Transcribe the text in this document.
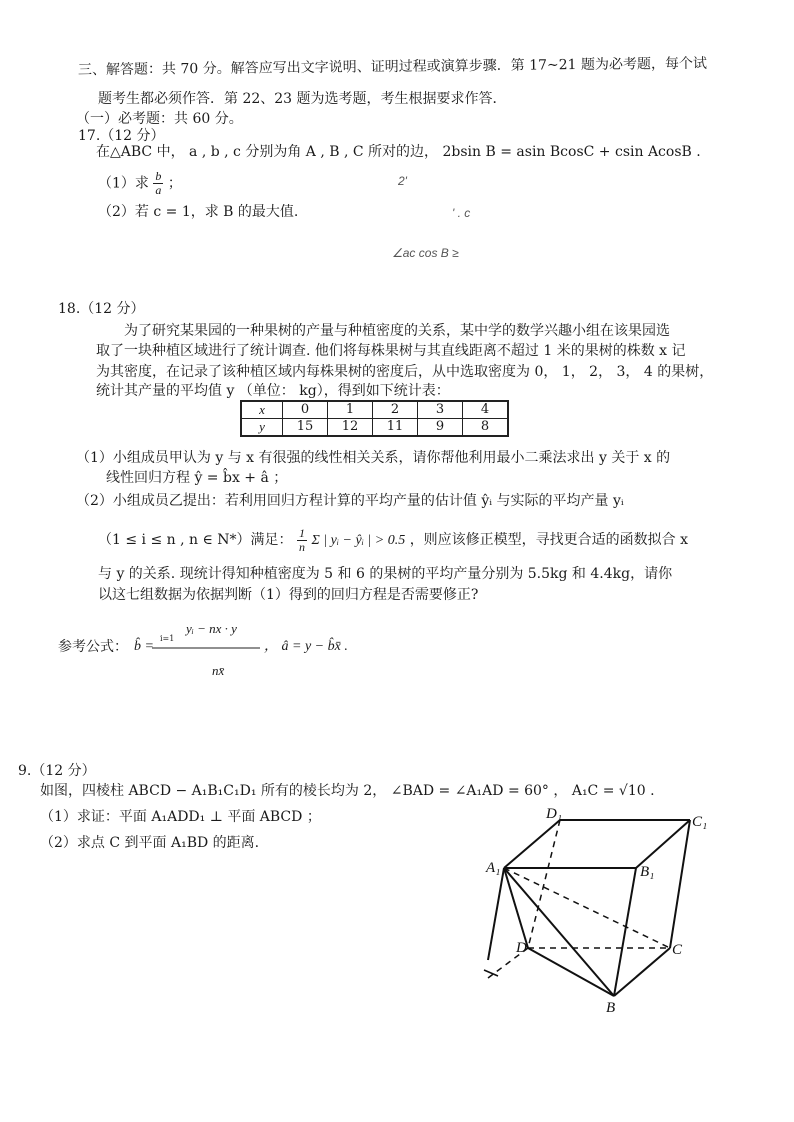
三、解答题：共 70 分。解答应写出文字说明、证明过程或演算步骤．第 17~21 题为必考题，每个试
题考生都必须作答．第 22、23 题为选考题，考生根据要求作答．
（一）必考题：共 60 分。
17.（12 分）
在△ABC 中， a , b , c 分别为角 A , B , C 所对的边， 2bsin B = asin BcosC + csin AcosB .
（1）求 $\frac{b}{a}$ ；
（2）若 c = 1，求 B 的最大值.
2'
' . c
∠ac cos B ≥
18.（12 分）
为了研究某果园的一种果树的产量与种植密度的关系，某中学的数学兴趣小组在该果园选
取了一块种植区域进行了统计调查. 他们将每株果树与其直线距离不超过 1 米的果树的株数 x 记
为其密度，在记录了该种植区域内每株果树的密度后，从中选取密度为 0， 1， 2， 3， 4 的果树，
统计其产量的平均值 y （单位： kg），得到如下统计表：
x	0	1	2	3	4
y	15	12	11	9	8
（1）小组成员甲认为 y 与 x 有很强的线性相关关系，请你帮他利用最小二乘法求出 y 关于 x 的
线性回归方程 ŷ = b̂x + â ；
（2）小组成员乙提出：若利用回归方程计算的平均产量的估计值 ŷᵢ 与实际的平均产量 yᵢ
（1 ≤ i ≤ n , n ∈ N*）满足： $\frac{1}{n}$ Σ | yᵢ − ŷᵢ | > 0.5 ，则应该修正模型，寻找更合适的函数拟合 x
与 y 的关系. 现统计得知种植密度为 5 和 6 的果树的平均产量分别为 5.5kg 和 4.4kg，请你
以这七组数据为依据判断（1）得到的回归方程是否需要修正?
参考公式： b̂ =
yᵢ − nx · y
i=1
nx̄
， â = y − b̂x̄ .
9.（12 分）
如图，四棱柱 ABCD − A₁B₁C₁D₁ 所有的棱长均为 2， ∠BAD = ∠A₁AD = 60° ， A₁C = √10 .
（1）求证：平面 A₁ADD₁ ⊥ 平面 ABCD ；
（2）求点 C 到平面 A₁BD 的距离.
D₁	C₁
A₁	B₁
D	C
B
